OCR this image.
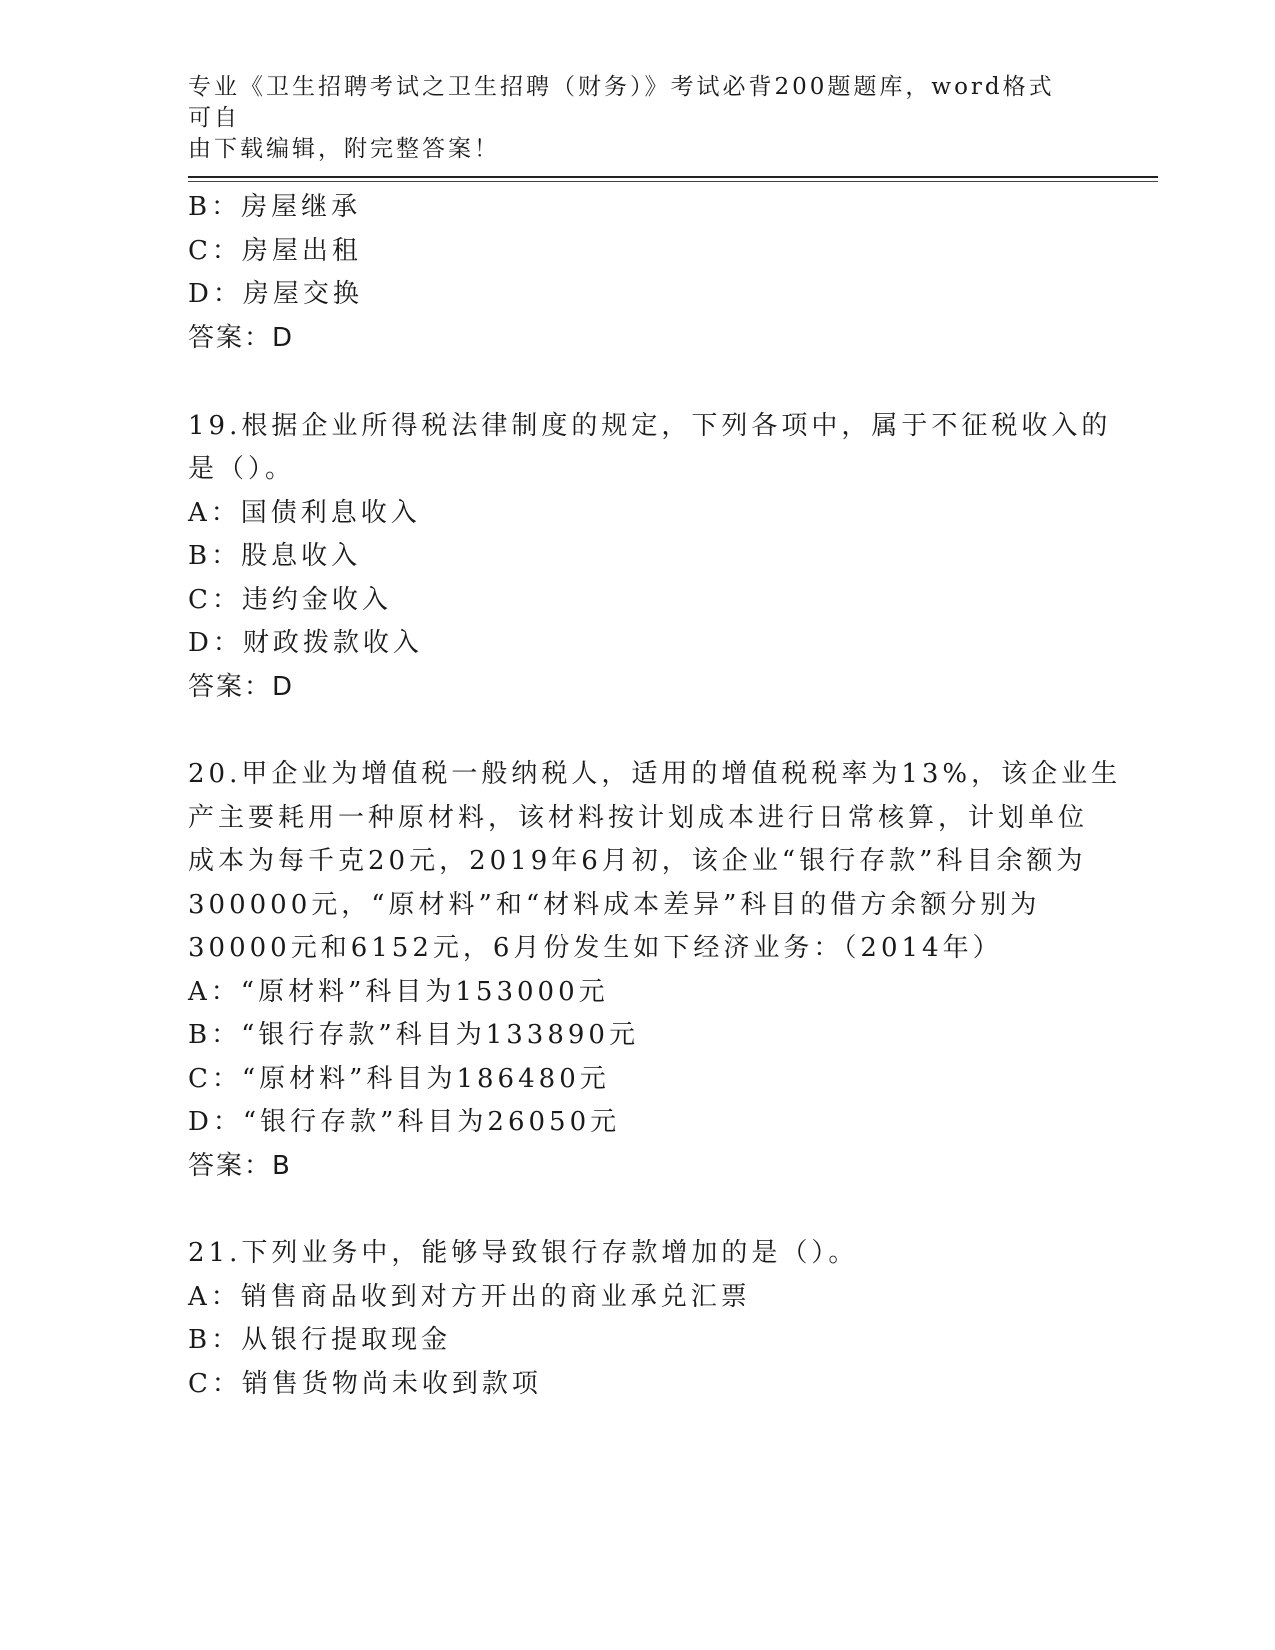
专业《卫生招聘考试之卫生招聘（财务）》考试必背200题题库，word格式可自
由下载编辑，附完整答案！

B：房屋继承

C：房屋出租

D：房屋交换

答案：D

19.根据企业所得税法律制度的规定，下列各项中，属于不征税收入的

是（）。

A：国债利息收入

B：股息收入

C：违约金收入

D：财政拨款收入

答案：D

20.甲企业为增值税一般纳税人，适用的增值税税率为13%，该企业生

产主要耗用一种原材料，该材料按计划成本进行日常核算，计划单位

成本为每千克20元，2019年6月初，该企业“银行存款”科目余额为

300000元，“原材料”和“材料成本差异”科目的借方余额分别为

30000元和6152元，6月份发生如下经济业务：（2014年）

A：“原材料”科目为153000元

B：“银行存款”科目为133890元

C：“原材料”科目为186480元

D：“银行存款”科目为26050元

答案：B

21.下列业务中，能够导致银行存款增加的是（）。

A：销售商品收到对方开出的商业承兑汇票

B：从银行提取现金

C：销售货物尚未收到款项
